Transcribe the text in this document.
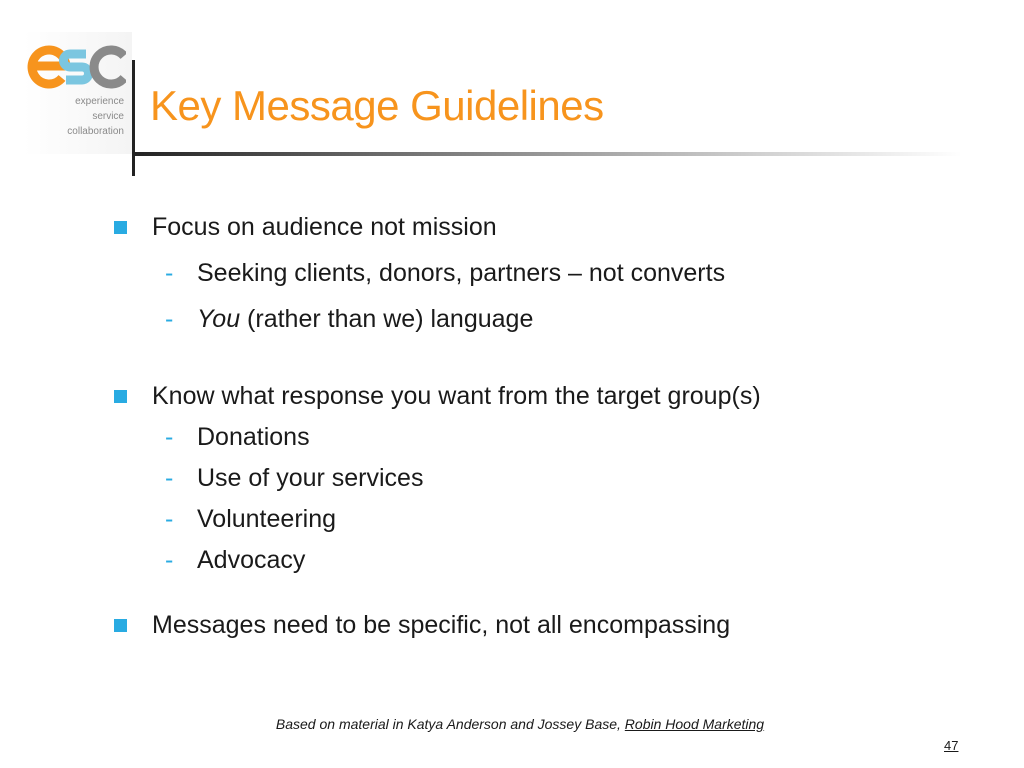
experience
service
collaboration
Key Message Guidelines
Focus on audience not mission
- Seeking clients, donors, partners – not converts
- You (rather than we) language
Know what response you want from the target group(s)
- Donations
- Use of your services
- Volunteering
- Advocacy
Messages need to be specific, not all encompassing
Based on material in Katya Anderson and Jossey Base, Robin Hood Marketing
47
